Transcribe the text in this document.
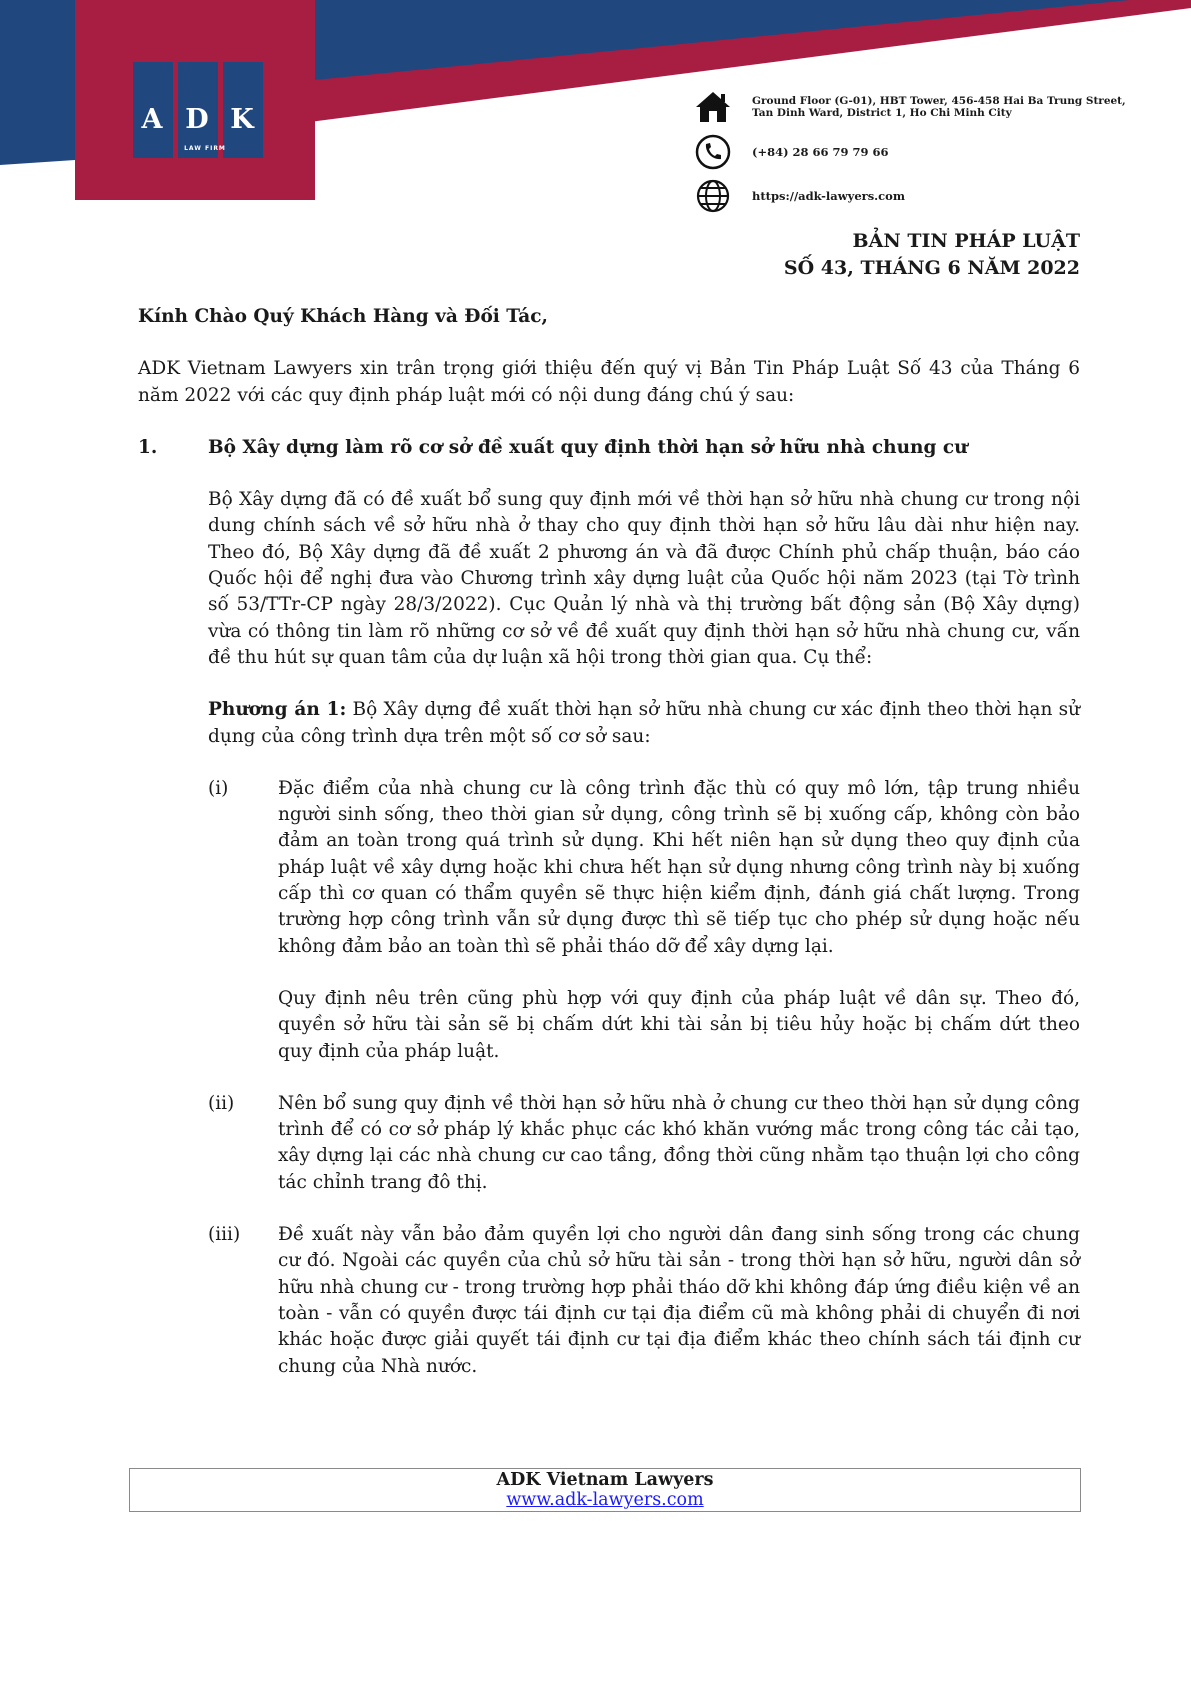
A D K
LAW FIRM
Ground Floor (G-01), HBT Tower, 456-458 Hai Ba Trung Street,
Tan Dinh Ward, District 1, Ho Chi Minh City
(+84) 28 66 79 79 66
https://adk-lawyers.com
BẢN TIN PHÁP LUẬT
SỐ 43, THÁNG 6 NĂM 2022

Kính Chào Quý Khách Hàng và Đối Tác,

ADK Vietnam Lawyers xin trân trọng giới thiệu đến quý vị Bản Tin Pháp Luật Số 43 của Tháng 6 năm 2022 với các quy định pháp luật mới có nội dung đáng chú ý sau:

1.	Bộ Xây dựng làm rõ cơ sở đề xuất quy định thời hạn sở hữu nhà chung cư

Bộ Xây dựng đã có đề xuất bổ sung quy định mới về thời hạn sở hữu nhà chung cư trong nội dung chính sách về sở hữu nhà ở thay cho quy định thời hạn sở hữu lâu dài như hiện nay. Theo đó, Bộ Xây dựng đã đề xuất 2 phương án và đã được Chính phủ chấp thuận, báo cáo Quốc hội để nghị đưa vào Chương trình xây dựng luật của Quốc hội năm 2023 (tại Tờ trình số 53/TTr-CP ngày 28/3/2022). Cục Quản lý nhà và thị trường bất động sản (Bộ Xây dựng) vừa có thông tin làm rõ những cơ sở về đề xuất quy định thời hạn sở hữu nhà chung cư, vấn đề thu hút sự quan tâm của dự luận xã hội trong thời gian qua. Cụ thể:

Phương án 1: Bộ Xây dựng đề xuất thời hạn sở hữu nhà chung cư xác định theo thời hạn sử dụng của công trình dựa trên một số cơ sở sau:

(i)	Đặc điểm của nhà chung cư là công trình đặc thù có quy mô lớn, tập trung nhiều người sinh sống, theo thời gian sử dụng, công trình sẽ bị xuống cấp, không còn bảo đảm an toàn trong quá trình sử dụng. Khi hết niên hạn sử dụng theo quy định của pháp luật về xây dựng hoặc khi chưa hết hạn sử dụng nhưng công trình này bị xuống cấp thì cơ quan có thẩm quyền sẽ thực hiện kiểm định, đánh giá chất lượng. Trong trường hợp công trình vẫn sử dụng được thì sẽ tiếp tục cho phép sử dụng hoặc nếu không đảm bảo an toàn thì sẽ phải tháo dỡ để xây dựng lại.

Quy định nêu trên cũng phù hợp với quy định của pháp luật về dân sự. Theo đó, quyền sở hữu tài sản sẽ bị chấm dứt khi tài sản bị tiêu hủy hoặc bị chấm dứt theo quy định của pháp luật.

(ii)	Nên bổ sung quy định về thời hạn sở hữu nhà ở chung cư theo thời hạn sử dụng công trình để có cơ sở pháp lý khắc phục các khó khăn vướng mắc trong công tác cải tạo, xây dựng lại các nhà chung cư cao tầng, đồng thời cũng nhằm tạo thuận lợi cho công tác chỉnh trang đô thị.

(iii)	Đề xuất này vẫn bảo đảm quyền lợi cho người dân đang sinh sống trong các chung cư đó. Ngoài các quyền của chủ sở hữu tài sản - trong thời hạn sở hữu, người dân sở hữu nhà chung cư - trong trường hợp phải tháo dỡ khi không đáp ứng điều kiện về an toàn - vẫn có quyền được tái định cư tại địa điểm cũ mà không phải di chuyển đi nơi khác hoặc được giải quyết tái định cư tại địa điểm khác theo chính sách tái định cư chung của Nhà nước.

ADK Vietnam Lawyers
www.adk-lawyers.com
